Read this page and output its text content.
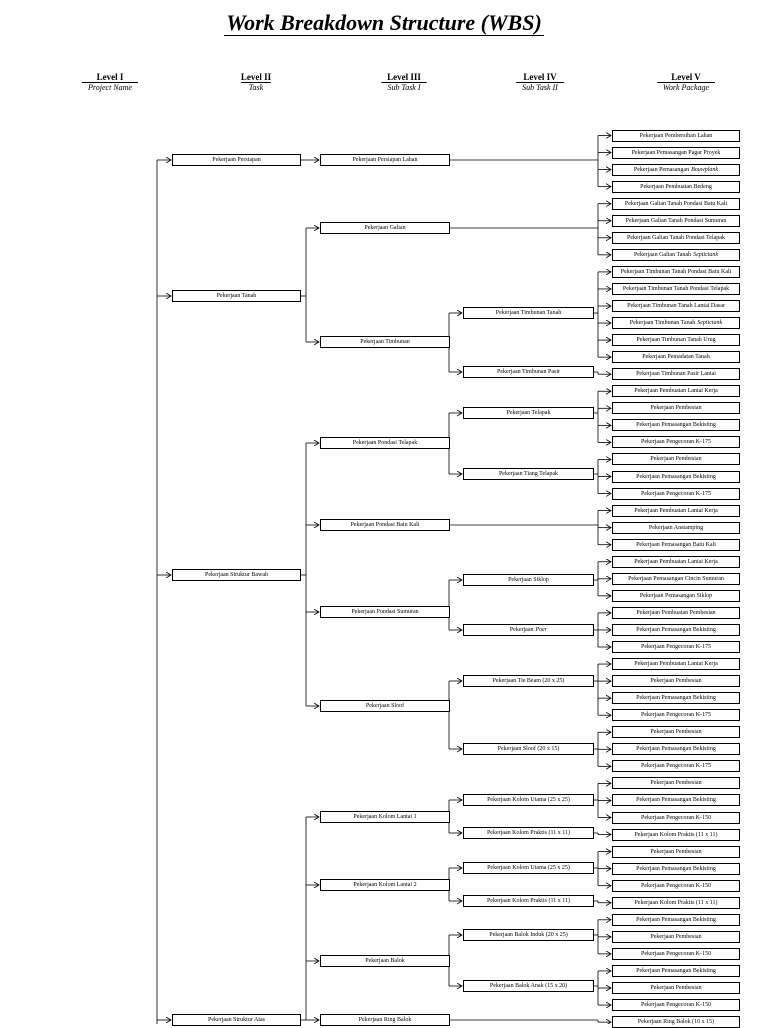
Work Breakdown Structure (WBS)
Level I
Project Name
Level II
Task
Level III
Sub Task I
Level IV
Sub Task II
Level V
Work Package
Pekerjaan Persiapan
Pekerjaan Tanah
Pekerjaan Struktur Bawah
Pekerjaan Struktur Atas
Pekerjaan Persiapan Lahan
Pekerjaan Galian
Pekerjaan Timbunan
Pekerjaan Pondasi Telapak
Pekerjaan Pondasi Batu Kali
Pekerjaan Pondasi Sumuran
Pekerjaan Sloof
Pekerjaan Kolom Lantai 1
Pekerjaan Kolom Lantai 2
Pekerjaan Balok
Pekerjaan Ring Balok
Pekerjaan Timbunan Tanah
Pekerjaan Timbunan Pasir
Pekerjaan Telapak
Pekerjaan Tiang Telapak
Pekerjaan Siklop
Pekerjaan Poer
Pekerjaan Tie Beam (20 x 25)
Pekerjaan Sloof (20 x 15)
Pekerjaan Kolom Utama (25 x 25)
Pekerjaan Kolom Praktis (11 x 11)
Pekerjaan Kolom Utama (25 x 25)
Pekerjaan Kolom Praktis (11 x 11)
Pekerjaan Balok Induk (20 x 25)
Pekerjaan Balok Anak (15 x 20)
Pekerjaan Pembersihan Lahan
Pekerjaan Pemasangan Pagar Proyek
Pekerjaan Pemasangan Bouwplank
Pekerjaan Pembuatan Bedeng
Pekerjaan Galian Tanah Pondasi Batu Kali
Pekerjaan Galian Tanah Pondasi Sumuran
Pekerjaan Galian Tanah Pondasi Telapak
Pekerjaan Galian Tanah Septictank
Pekerjaan Timbunan Tanah Pondasi Batu Kali
Pekerjaan Timbunan Tanah Pondasi Telapak
Pekerjaan Timbunan Tanah Lantai Dasar
Pekerjaan Timbunan Tanah Septictank
Pekerjaan Timbunan Tanah Urug
Pekerjaan Pemadatan Tanah
Pekerjaan Timbunan Pasir Lantai
Pekerjaan Pembuatan Lantai Kerja
Pekerjaan Pembesian
Pekerjaan Pemasangan Bekisting
Pekerjaan Pengecoran K-175
Pekerjaan Pembesian
Pekerjaan Pemasangan Bekisting
Pekerjaan Pengecoran K-175
Pekerjaan Pembuatan Lantai Kerja
Pekerjaan Anstamping
Pekerjaan Pemasangan Batu Kali
Pekerjaan Pembuatan Lantai Kerja
Pekerjaan Pemasangan Cincin Sumuran
Pekerjaan Pemasangan Siklop
Pekerjaan Pembuatan Pembesian
Pekerjaan Pemasangan Bekisting
Pekerjaan Pengecoran K-175
Pekerjaan Pembuatan Lantai Kerja
Pekerjaan Pembesian
Pekerjaan Pemasangan Bekisting
Pekerjaan Pengecoran K-175
Pekerjaan Pembesian
Pekerjaan Pemasangan Bekisting
Pekerjaan Pengecoran K-175
Pekerjaan Pembesian
Pekerjaan Pemasangan Bekisting
Pekerjaan Pengecoran K-150
Pekerjaan Kolom Praktis (11 x 11)
Pekerjaan Pembesian
Pekerjaan Pemasangan Bekisting
Pekerjaan Pengecoran K-150
Pekerjaan Kolom Praktis (11 x 11)
Pekerjaan Pemasangan Bekisting
Pekerjaan Pembesian
Pekerjaan Pengecoran K-150
Pekerjaan Pemasangan Bekisting
Pekerjaan Pembesian
Pekerjaan Pengecoran K-150
Pekerjaan Ring Balok (10 x 15)
